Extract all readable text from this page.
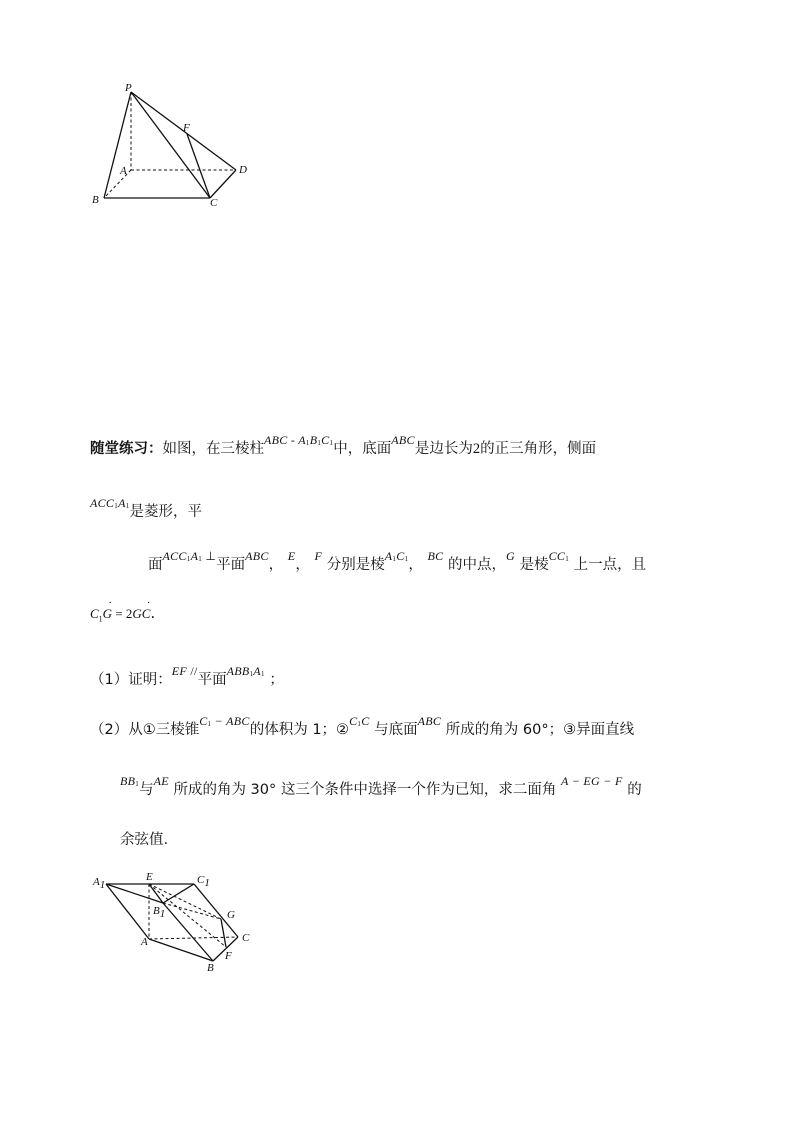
P
F
A	D
B	C
随堂练习：如图，在三棱柱$^{ABC - A_1B_1C_1}$中，底面$^{ABC}$是边长为2的正三角形，侧面
$^{ACC_1A_1}$是菱形，平
面$^{ACC_1A_1 \perp}$平面$^{ABC}$， $^E$， $^F$ 分别是棱$^{A_1C_1}$， $^{BC}$ 的中点，$^G$ 是棱$^{CC_1}$ 上一点，且
$C_1G$ · = 2GC ·.
（1）证明：$^{EF //}$平面$^{ABB_1A_1}$ ；
（2）从①三棱锥$^{C_1 - ABC}$的体积为 1；②$^{C_1C}$ 与底面$^{ABC}$ 所成的角为 60°；③异面直线
$^{BB_1}$与$^{AE}$ 所成的角为 30° 这三个条件中选择一个作为已知，求二面角 $^{A - EG - F}$ 的
余弦值.
A1
E	C1
B1	G
A	C
F
B
